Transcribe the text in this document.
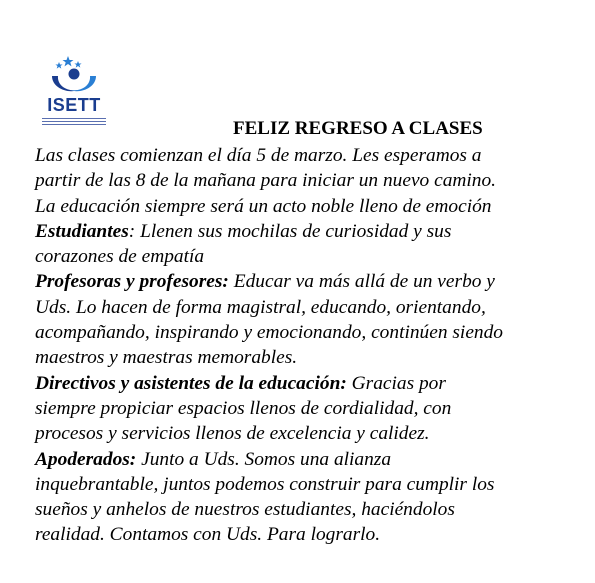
ISETT
FELIZ REGRESO A CLASES

Las clases comienzan el día 5 de marzo. Les esperamos a

partir de las 8 de la mañana para iniciar un nuevo camino.

La educación siempre será un acto noble lleno de emoción

Estudiantes: Llenen sus mochilas de curiosidad y sus

corazones de empatía

Profesoras y profesores: Educar va más allá de un verbo y

Uds. Lo hacen de forma magistral, educando, orientando,

acompañando, inspirando y emocionando, continúen siendo

maestros y maestras memorables.

Directivos y asistentes de la educación: Gracias por

siempre propiciar espacios llenos de cordialidad, con

procesos y servicios llenos de excelencia y calidez.

Apoderados: Junto a Uds. Somos una alianza

inquebrantable, juntos podemos construir para cumplir los

sueños y anhelos de nuestros estudiantes, haciéndolos

realidad. Contamos con Uds. Para lograrlo.
